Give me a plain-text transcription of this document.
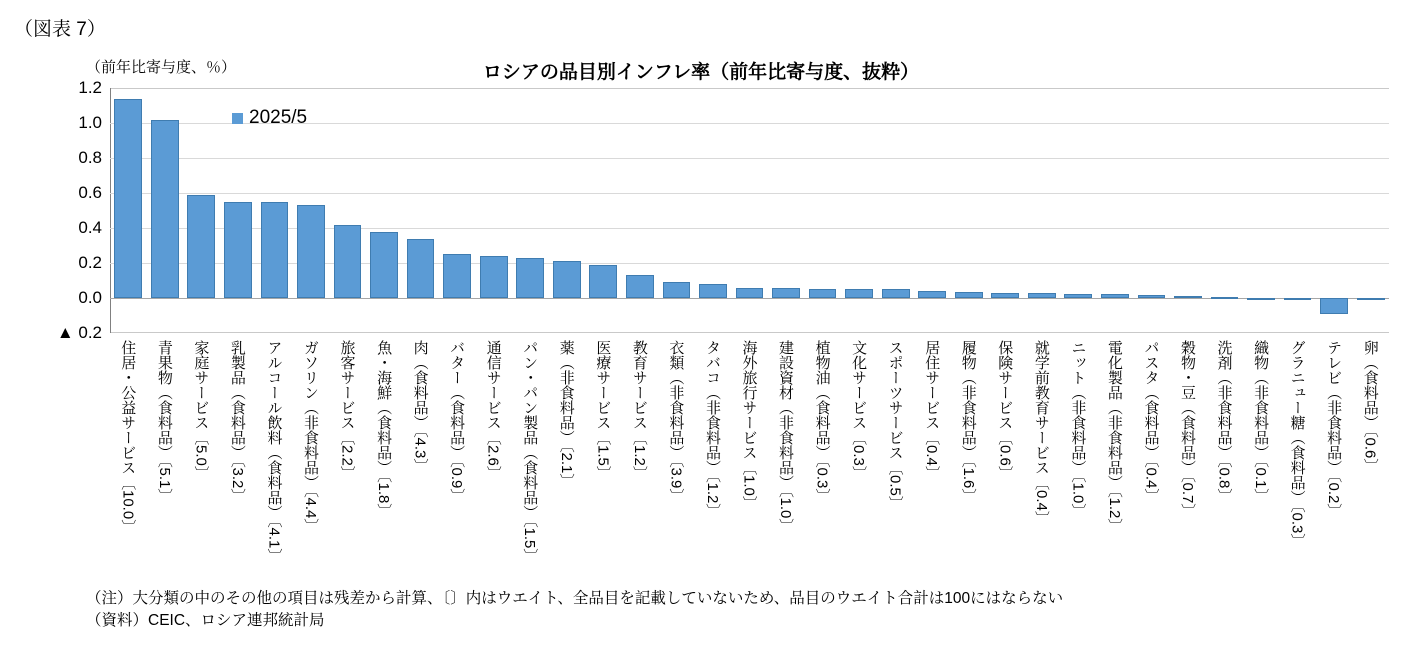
（図表 7）
（前年比寄与度、％）	ロシアの品目別インフレ率（前年比寄与度、抜粋）
1.2
1.0
0.8
0.6
0.4
0.2
0.0
▲ 0.2
2025/5
住居・公益サービス〔10.0〕 青果物（食料品）〔5.1〕 家庭サービス〔5.0〕 乳製品（食料品）〔3.2〕 アルコール飲料（食料品）〔4.1〕 ガソリン（非食料品）〔4.4〕 旅客サービス〔2.2〕 魚・海鮮（食料品）〔1.8〕 肉（食料品）〔4.3〕 バター（食料品）〔0.9〕 通信サービス〔2.6〕 パン・パン製品（食料品）〔1.5〕 薬（非食料品）〔2.1〕 医療サービス〔1.5〕 教育サービス〔1.2〕 衣類（非食料品）〔3.9〕 タバコ（非食料品）〔1.2〕 海外旅行サービス〔1.0〕 建設資材（非食料品）〔1.0〕 植物油（食料品）〔0.3〕 文化サービス〔0.3〕 スポーツサービス〔0.5〕 居住サービス〔0.4〕 履物（非食料品）〔1.6〕 保険サービス〔0.6〕 就学前教育サービス〔0.4〕 ニット（非食料品）〔1.0〕 電化製品（非食料品）〔1.2〕 パスタ（食料品）〔0.4〕 穀物・豆（食料品）〔0.7〕 洗剤（非食料品）〔0.8〕 織物（非食料品）〔0.1〕 グラニュー糖（食料品）〔0.3〕 テレビ（非食料品）〔0.2〕 卵（食料品）〔0.6〕
（注）大分類の中のその他の項目は残差から計算、〔〕内はウエイト、全品目を記載していないため、品目のウエイト合計は100にはならない
（資料）CEIC、ロシア連邦統計局
